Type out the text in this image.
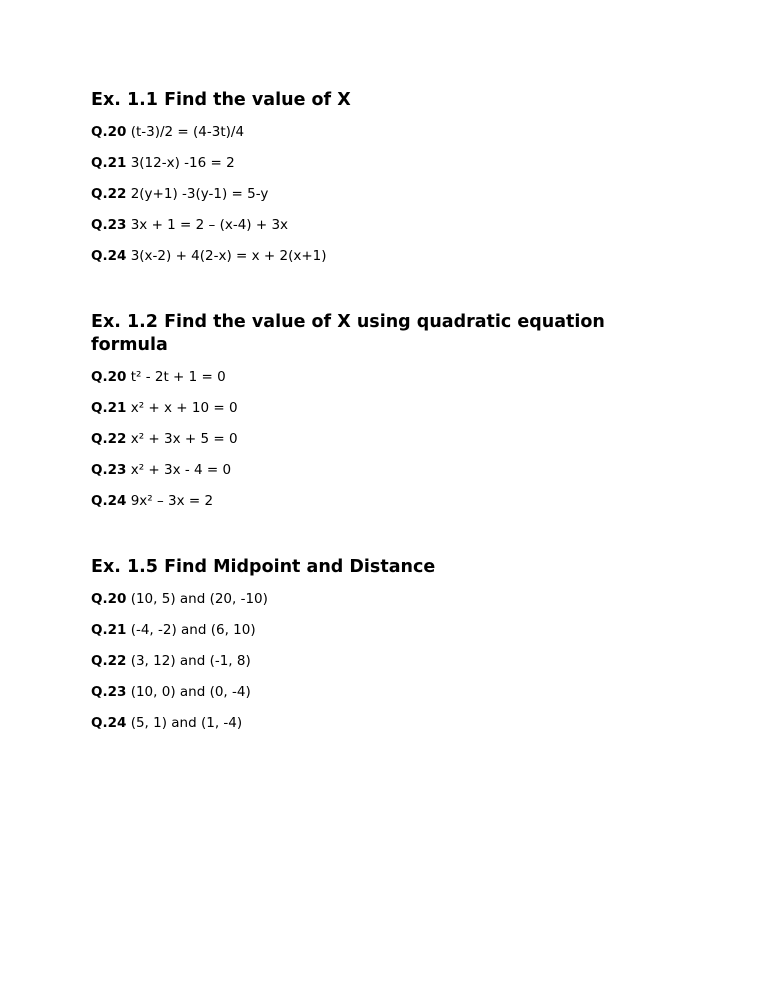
Ex. 1.1 Find the value of X
Q.20 (t-3)/2 = (4-3t)/4
Q.21 3(12-x) -16 = 2
Q.22 2(y+1) -3(y-1) = 5-y
Q.23 3x + 1 = 2 – (x-4) + 3x
Q.24 3(x-2) + 4(2-x) = x + 2(x+1)
Ex. 1.2 Find the value of X using quadratic equation formula
Q.20 t² - 2t + 1 = 0
Q.21 x² + x + 10 = 0
Q.22 x² + 3x + 5 = 0
Q.23 x² + 3x - 4 = 0
Q.24 9x² – 3x = 2
Ex. 1.5 Find Midpoint and Distance
Q.20 (10, 5) and (20, -10)
Q.21 (-4, -2) and (6, 10)
Q.22 (3, 12) and (-1, 8)
Q.23 (10, 0) and (0, -4)
Q.24 (5, 1) and (1, -4)
